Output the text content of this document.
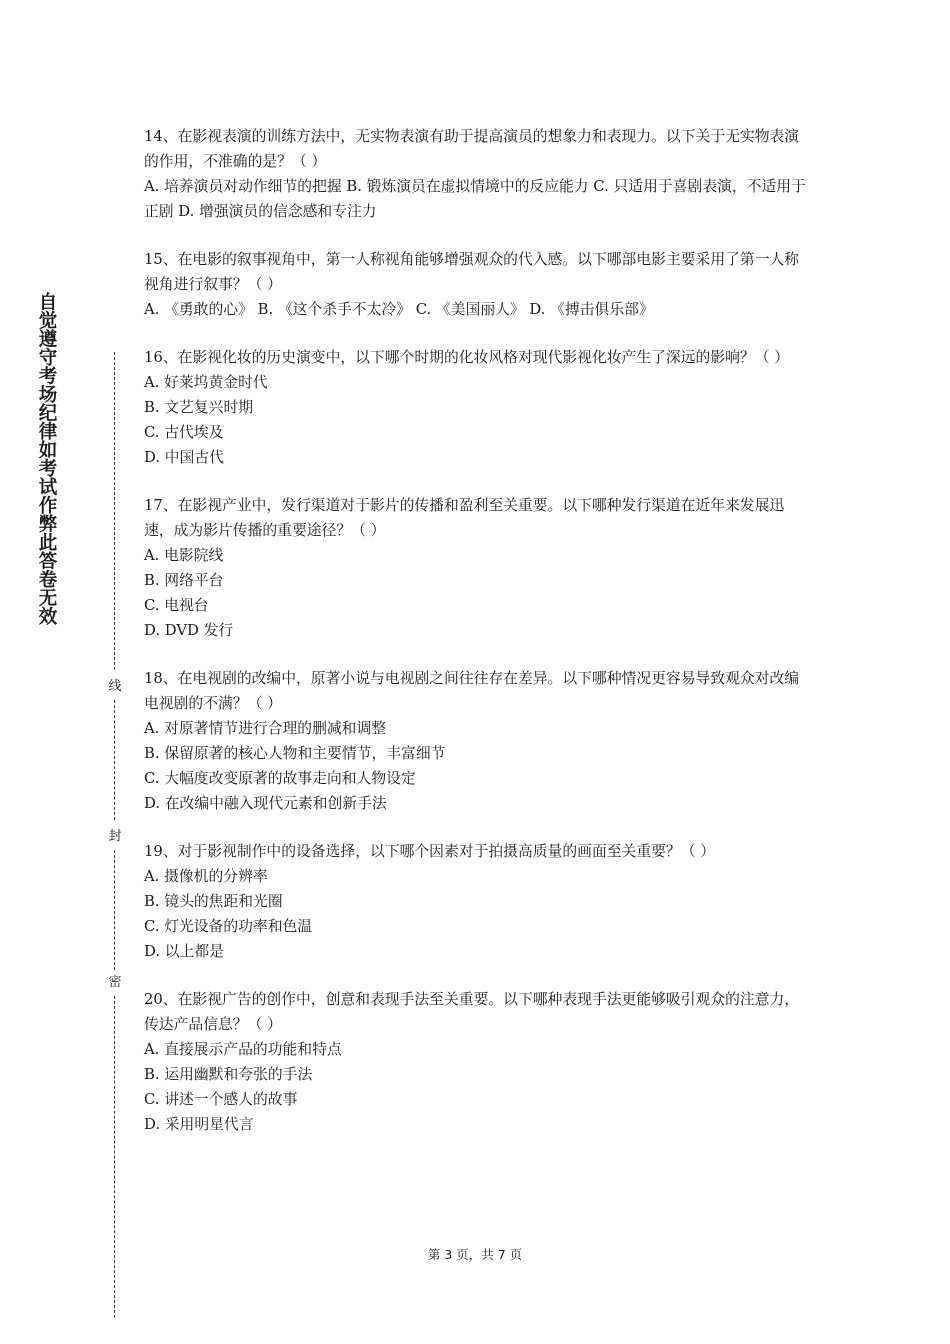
自觉遵守考场纪律如考试作弊此答卷无效
线
封
密

14、在影视表演的训练方法中，无实物表演有助于提高演员的想象力和表现力。以下关于无实物表演的作用，不准确的是？（ ）

A. 培养演员对动作细节的把握 B. 锻炼演员在虚拟情境中的反应能力 C. 只适用于喜剧表演，不适用于正剧 D. 增强演员的信念感和专注力

15、在电影的叙事视角中，第一人称视角能够增强观众的代入感。以下哪部电影主要采用了第一人称视角进行叙事？（ ）

A. 《勇敢的心》 B. 《这个杀手不太冷》 C. 《美国丽人》 D. 《搏击俱乐部》

16、在影视化妆的历史演变中，以下哪个时期的化妆风格对现代影视化妆产生了深远的影响？（ ）

A. 好莱坞黄金时代

B. 文艺复兴时期

C. 古代埃及

D. 中国古代

17、在影视产业中，发行渠道对于影片的传播和盈利至关重要。以下哪种发行渠道在近年来发展迅速，成为影片传播的重要途径？（ ）

A. 电影院线

B. 网络平台

C. 电视台

D. DVD 发行

18、在电视剧的改编中，原著小说与电视剧之间往往存在差异。以下哪种情况更容易导致观众对改编电视剧的不满？（ ）

A. 对原著情节进行合理的删减和调整

B. 保留原著的核心人物和主要情节，丰富细节

C. 大幅度改变原著的故事走向和人物设定

D. 在改编中融入现代元素和创新手法

19、对于影视制作中的设备选择，以下哪个因素对于拍摄高质量的画面至关重要？（ ）

A. 摄像机的分辨率

B. 镜头的焦距和光圈

C. 灯光设备的功率和色温

D. 以上都是

20、在影视广告的创作中，创意和表现手法至关重要。以下哪种表现手法更能够吸引观众的注意力，传达产品信息？（ ）

A. 直接展示产品的功能和特点

B. 运用幽默和夸张的手法

C. 讲述一个感人的故事

D. 采用明星代言

第 3 页，共 7 页
